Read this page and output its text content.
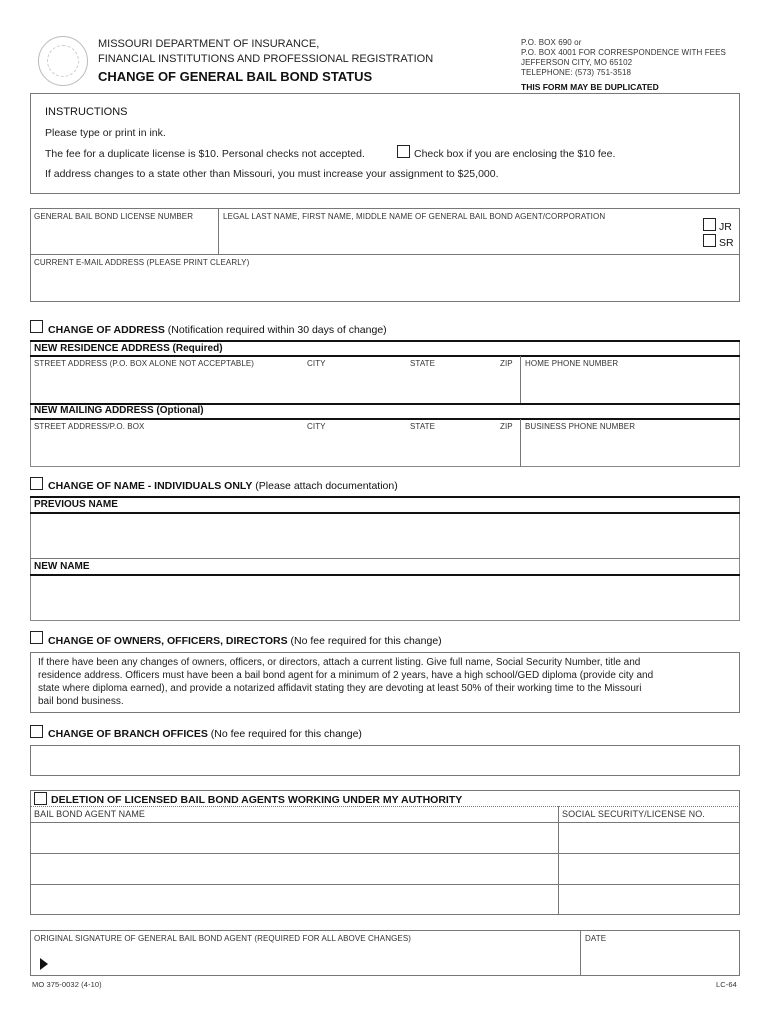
MISSOURI DEPARTMENT OF INSURANCE,
FINANCIAL INSTITUTIONS AND PROFESSIONAL REGISTRATION
CHANGE OF GENERAL BAIL BOND STATUS
P.O. BOX 690 or
P.O. BOX 4001 FOR CORRESPONDENCE WITH FEES
JEFFERSON CITY, MO 65102
TELEPHONE: (573) 751-3518
THIS FORM MAY BE DUPLICATED
INSTRUCTIONS
Please type or print in ink.
The fee for a duplicate license is $10. Personal checks not accepted.	Check box if you are enclosing the $10 fee.
If address changes to a state other than Missouri, you must increase your assignment to $25,000.
GENERAL BAIL BOND LICENSE NUMBER	LEGAL LAST NAME, FIRST NAME, MIDDLE NAME OF GENERAL BAIL BOND AGENT/CORPORATION
JR
SR
CURRENT E-MAIL ADDRESS (PLEASE PRINT CLEARLY)
CHANGE OF ADDRESS (Notification required within 30 days of change)
NEW RESIDENCE ADDRESS (Required)
STREET ADDRESS (P.O. BOX ALONE NOT ACCEPTABLE)	CITY	STATE	ZIP HOME PHONE NUMBER
NEW MAILING ADDRESS (Optional)
STREET ADDRESS/P.O. BOX	CITY	STATE	ZIP BUSINESS PHONE NUMBER
CHANGE OF NAME - INDIVIDUALS ONLY (Please attach documentation)
PREVIOUS NAME
NEW NAME
CHANGE OF OWNERS, OFFICERS, DIRECTORS (No fee required for this change)
If there have been any changes of owners, officers, or directors, attach a current listing. Give full name, Social Security Number, title and
residence address. Officers must have been a bail bond agent for a minimum of 2 years, have a high school/GED diploma (provide city and
state where diploma earned), and provide a notarized affidavit stating they are devoting at least 50% of their working time to the Missouri
bail bond business.
CHANGE OF BRANCH OFFICES (No fee required for this change)
DELETION OF LICENSED BAIL BOND AGENTS WORKING UNDER MY AUTHORITY
BAIL BOND AGENT NAME	SOCIAL SECURITY/LICENSE NO.
ORIGINAL SIGNATURE OF GENERAL BAIL BOND AGENT (REQUIRED FOR ALL ABOVE CHANGES)	DATE
MO 375-0032 (4-10)	LC-64
